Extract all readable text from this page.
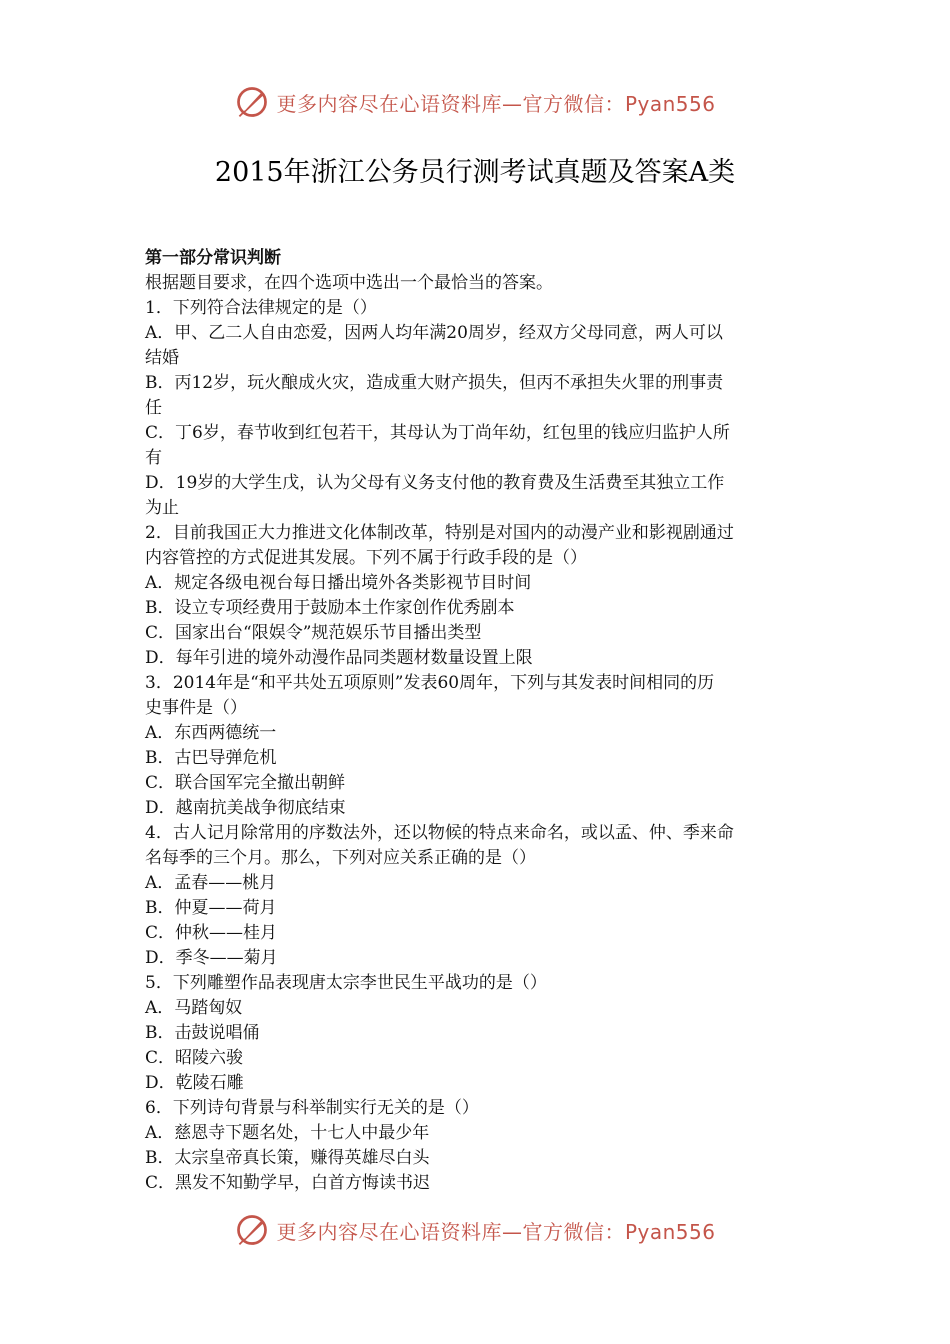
更多内容尽在心语资料库—官方微信：Pyan556
2015年浙江公务员行测考试真题及答案A类

第一部分常识判断

根据题目要求，在四个选项中选出一个最恰当的答案。

1．下列符合法律规定的是（）

A．甲、乙二人自由恋爱，因两人均年满20周岁，经双方父母同意，两人可以

结婚

B．丙12岁，玩火酿成火灾，造成重大财产损失，但丙不承担失火罪的刑事责

任

C．丁6岁，春节收到红包若干，其母认为丁尚年幼，红包里的钱应归监护人所

有

D．19岁的大学生戊，认为父母有义务支付他的教育费及生活费至其独立工作

为止

2．目前我国正大力推进文化体制改革，特别是对国内的动漫产业和影视剧通过

内容管控的方式促进其发展。下列不属于行政手段的是（）

A．规定各级电视台每日播出境外各类影视节目时间

B．设立专项经费用于鼓励本土作家创作优秀剧本

C．国家出台“限娱令”规范娱乐节目播出类型

D．每年引进的境外动漫作品同类题材数量设置上限

3．2014年是“和平共处五项原则”发表60周年，下列与其发表时间相同的历

史事件是（）

A．东西两德统一

B．古巴导弹危机

C．联合国军完全撤出朝鲜

D．越南抗美战争彻底结束

4．古人记月除常用的序数法外，还以物候的特点来命名，或以孟、仲、季来命

名每季的三个月。那么，下列对应关系正确的是（）

A．孟春——桃月

B．仲夏——荷月

C．仲秋——桂月

D．季冬——菊月

5．下列雕塑作品表现唐太宗李世民生平战功的是（）

A．马踏匈奴

B．击鼓说唱俑

C．昭陵六骏

D．乾陵石雕

6．下列诗句背景与科举制实行无关的是（）

A．慈恩寺下题名处，十七人中最少年

B．太宗皇帝真长策，赚得英雄尽白头

C．黑发不知勤学早，白首方悔读书迟

更多内容尽在心语资料库—官方微信：Pyan556
